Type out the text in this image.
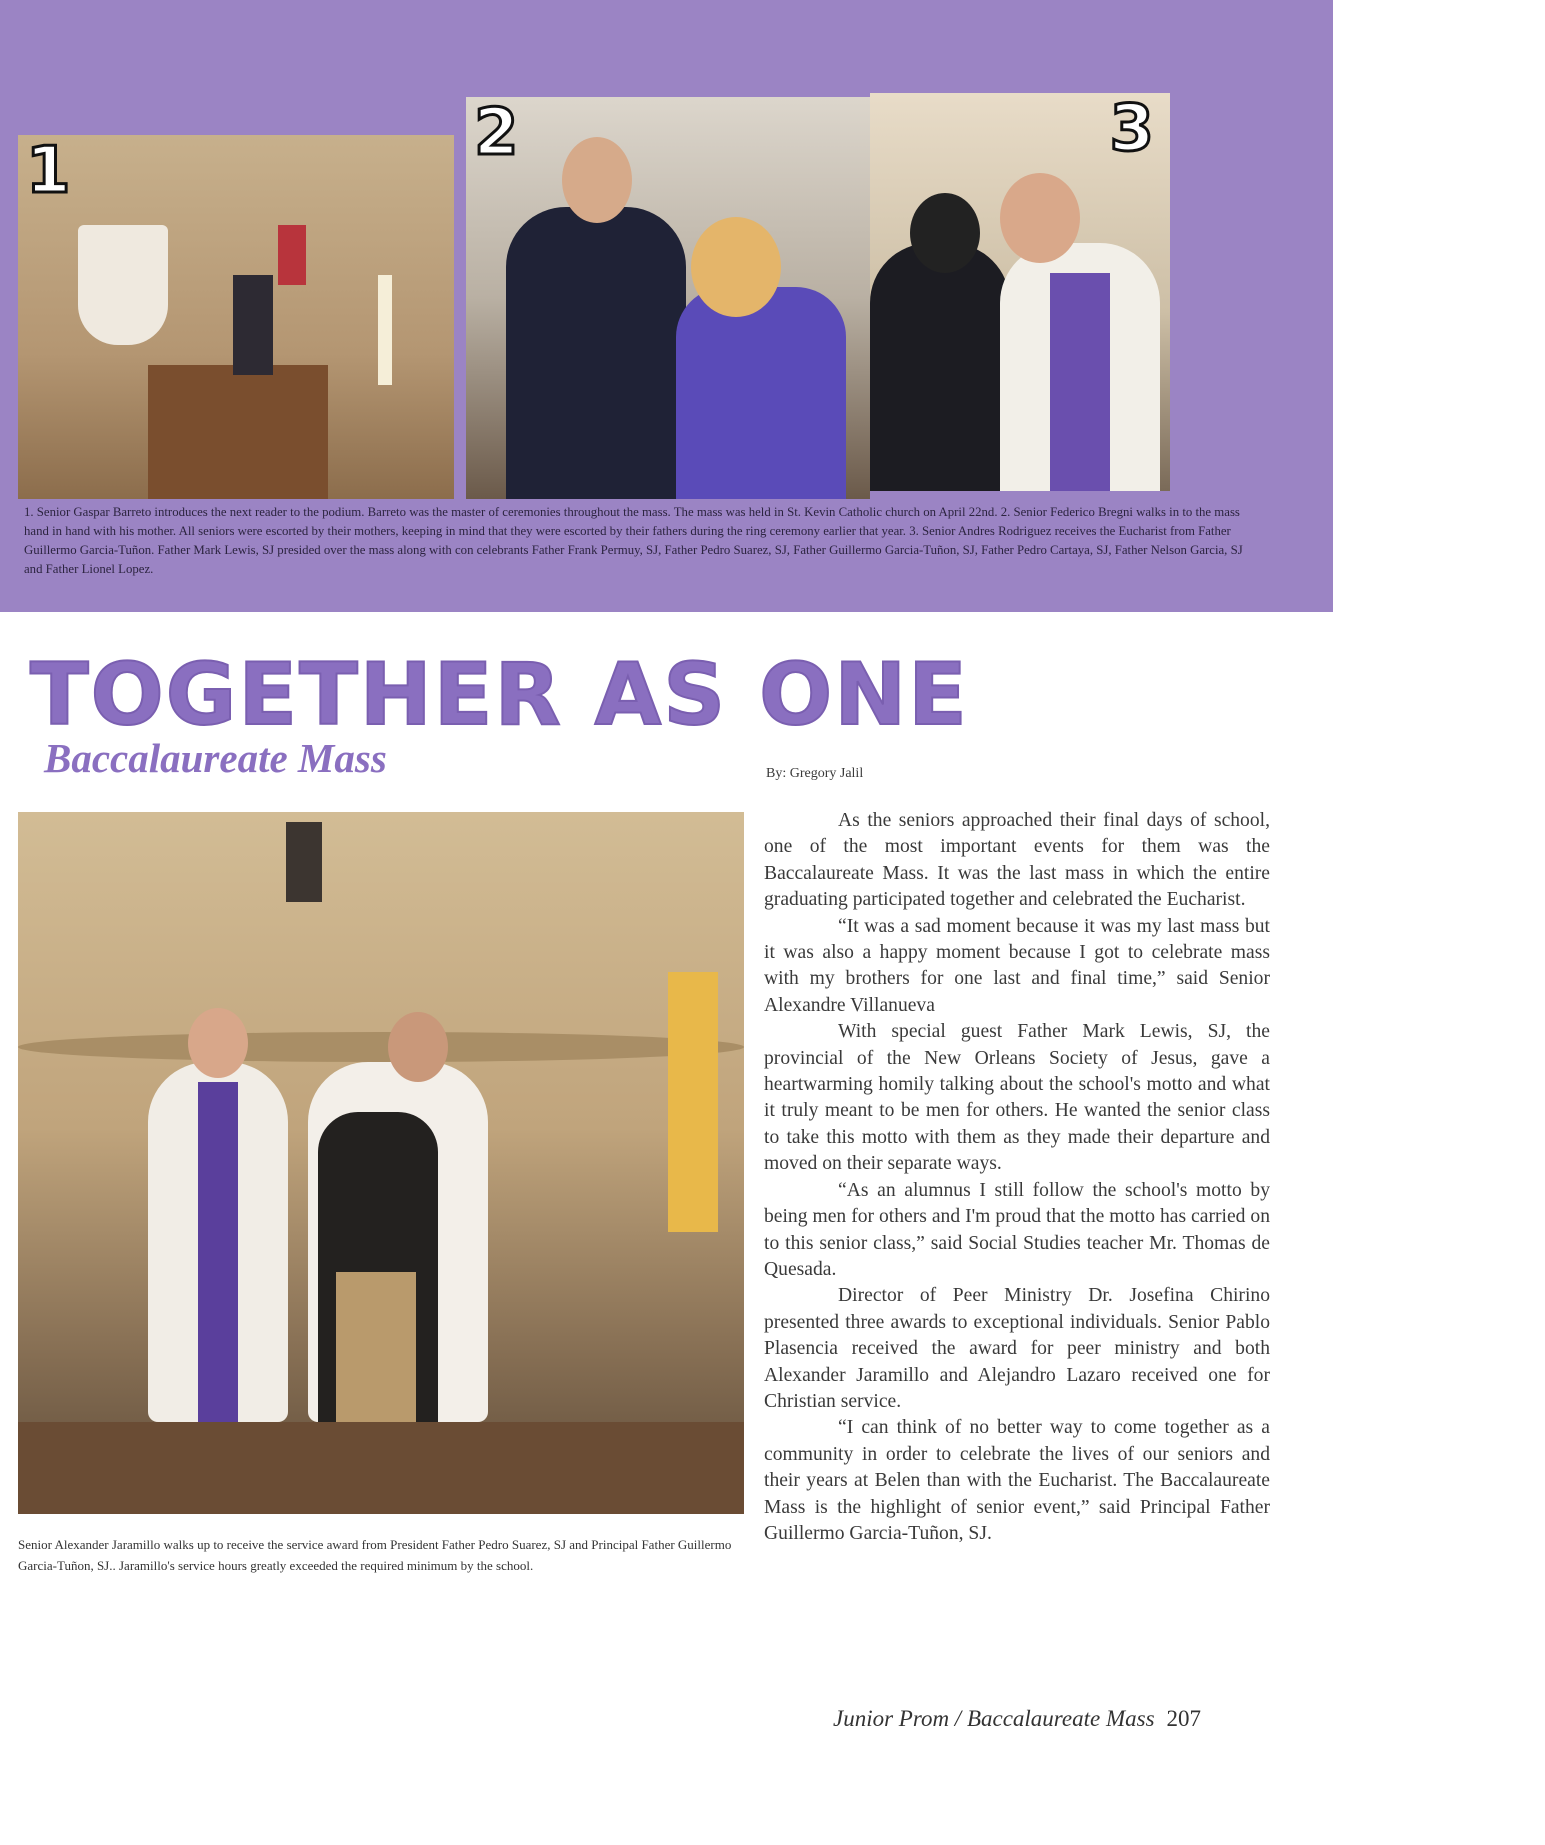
1
2	3
1. Senior Gaspar Barreto introduces the next reader to the podium. Barreto was the master of ceremonies throughout the mass. The mass was held in St. Kevin Catholic church on April 22nd. 2. Senior Federico Bregni walks in to the mass hand in hand with his mother. All seniors were escorted by their mothers, keeping in mind that they were escorted by their fathers during the ring ceremony earlier that year. 3. Senior Andres Rodriguez receives the Eucharist from Father Guillermo Garcia-Tuñon. Father Mark Lewis, SJ presided over the mass along with con celebrants Father Frank Permuy, SJ, Father Pedro Suarez, SJ, Father Guillermo Garcia-Tuñon, SJ, Father Pedro Cartaya, SJ, Father Nelson Garcia, SJ and Father Lionel Lopez.
TOGETHER AS ONE
Baccalaureate Mass	By: Gregory Jalil
Senior Alexander Jaramillo walks up to receive the service award from President Father Pedro Suarez, SJ and Principal Father Guillermo Garcia-Tuñon, SJ.. Jaramillo's service hours greatly exceeded the required minimum by the school.

As the seniors approached their final days of school, one of the most important events for them was the Baccalaureate Mass. It was the last mass in which the entire graduating participated together and celebrated the Eucharist.

“It was a sad moment because it was my last mass but it was also a happy moment because I got to celebrate mass with my brothers for one last and final time,” said Senior Alexandre Villanueva

With special guest Father Mark Lewis, SJ, the provincial of the New Orleans Society of Jesus, gave a heartwarming homily talking about the school's motto and what it truly meant to be men for others. He wanted the senior class to take this motto with them as they made their departure and moved on their separate ways.

“As an alumnus I still follow the school's motto by being men for others and I'm proud that the motto has carried on to this senior class,” said Social Studies teacher Mr. Thomas de Quesada.

Director of Peer Ministry Dr. Josefina Chirino presented three awards to exceptional individuals. Senior Pablo Plasencia received the award for peer ministry and both Alexander Jaramillo and Alejandro Lazaro received one for Christian service.

“I can think of no better way to come together as a community in order to celebrate the lives of our seniors and their years at Belen than with the Eucharist. The Baccalaureate Mass is the highlight of senior event,” said Principal Father Guillermo Garcia-Tuñon, SJ.

Junior Prom / Baccalaureate Mass 207
